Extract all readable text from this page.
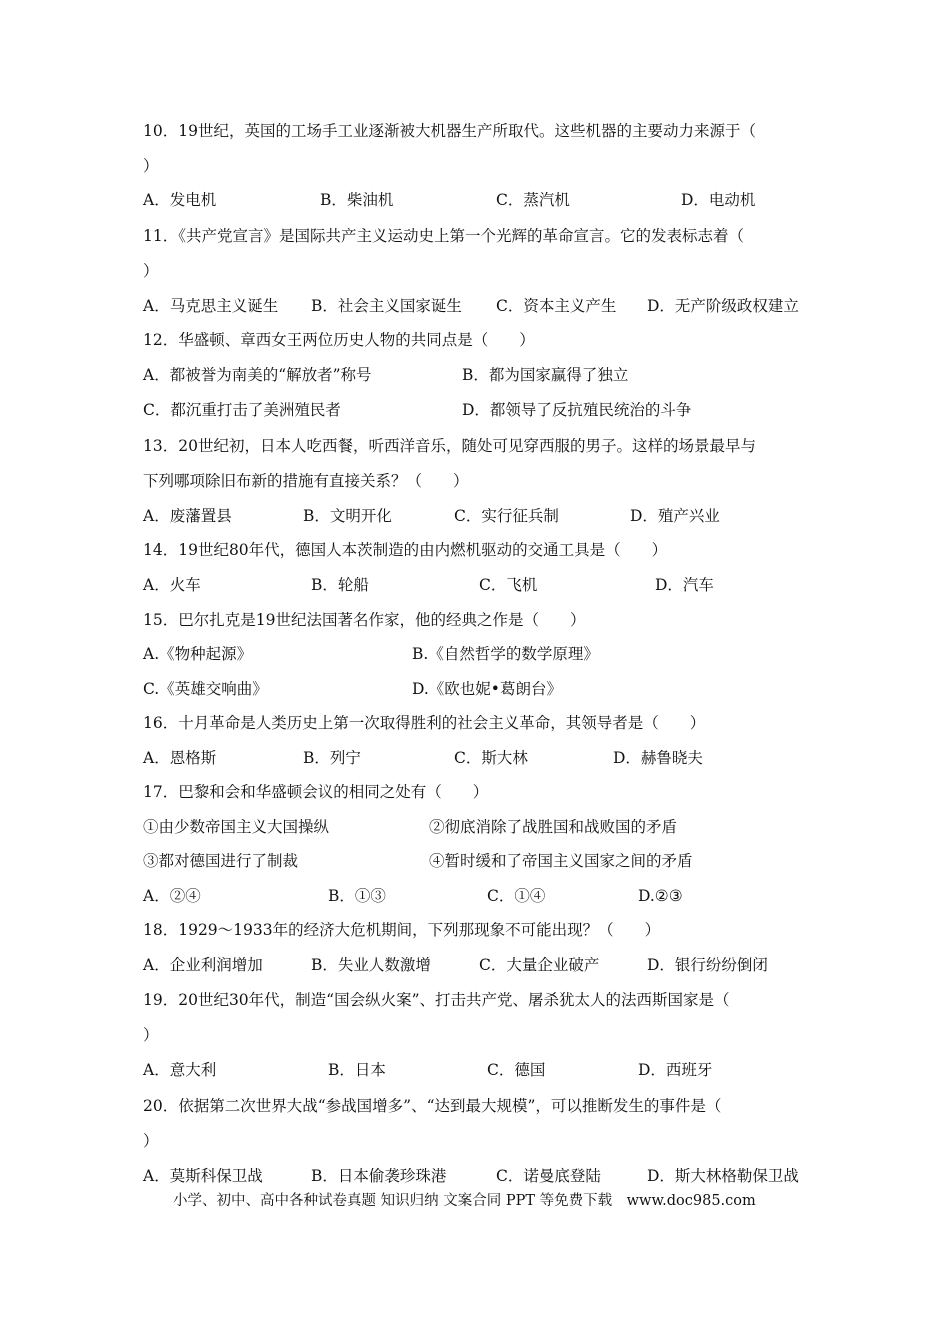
10．19世纪，英国的工场手工业逐渐被大机器生产所取代。这些机器的主要动力来源于（
）
A．发电机	B．柴油机	C．蒸汽机	D．电动机
11．《共产党宣言》是国际共产主义运动史上第一个光辉的革命宣言。它的发表标志着（
）
A．马克思主义诞生 B．社会主义国家诞生 C．资本主义产生 D．无产阶级政权建立
12．华盛顿、章西女王两位历史人物的共同点是（　　）
A．都被誉为南美的“解放者”称号	B．都为国家赢得了独立
C．都沉重打击了美洲殖民者	D．都领导了反抗殖民统治的斗争
13．20世纪初，日本人吃西餐，听西洋音乐，随处可见穿西服的男子。这样的场景最早与
下列哪项除旧布新的措施有直接关系？（　　）
A．废藩置县	B．文明开化	C．实行征兵制	D．殖产兴业
14．19世纪80年代，德国人本茨制造的由内燃机驱动的交通工具是（　　）
A．火车	B．轮船	C．飞机	D．汽车
15．巴尔扎克是19世纪法国著名作家，他的经典之作是（　　）
A.《物种起源》	B.《自然哲学的数学原理》
C.《英雄交响曲》	D.《欧也妮•葛朗台》
16．十月革命是人类历史上第一次取得胜利的社会主义革命，其领导者是（　　）
A．恩格斯	B．列宁	C．斯大林	D．赫鲁晓夫
17．巴黎和会和华盛顿会议的相同之处有（　　）
①由少数帝国主义大国操纵	②彻底消除了战胜国和战败国的矛盾
③都对德国进行了制裁	④暂时缓和了帝国主义国家之间的矛盾
A．②④	B．①③	C．①④	D.②③
18．1929～1933年的经济大危机期间，下列那现象不可能出现？（　　）
A．企业利润增加	B．失业人数激增	C．大量企业破产	D．银行纷纷倒闭
19．20世纪30年代，制造“国会纵火案”、打击共产党、屠杀犹太人的法西斯国家是（
）
A．意大利	B．日本	C．德国	D．西班牙
20．依据第二次世界大战“参战国增多”、“达到最大规模”，可以推断发生的事件是（
）
A．莫斯科保卫战	B．日本偷袭珍珠港	C．诺曼底登陆	D．斯大林格勒保卫战
小学、初中、高中各种试卷真题 知识归纳 文案合同 PPT 等免费下载　www.doc985.com
